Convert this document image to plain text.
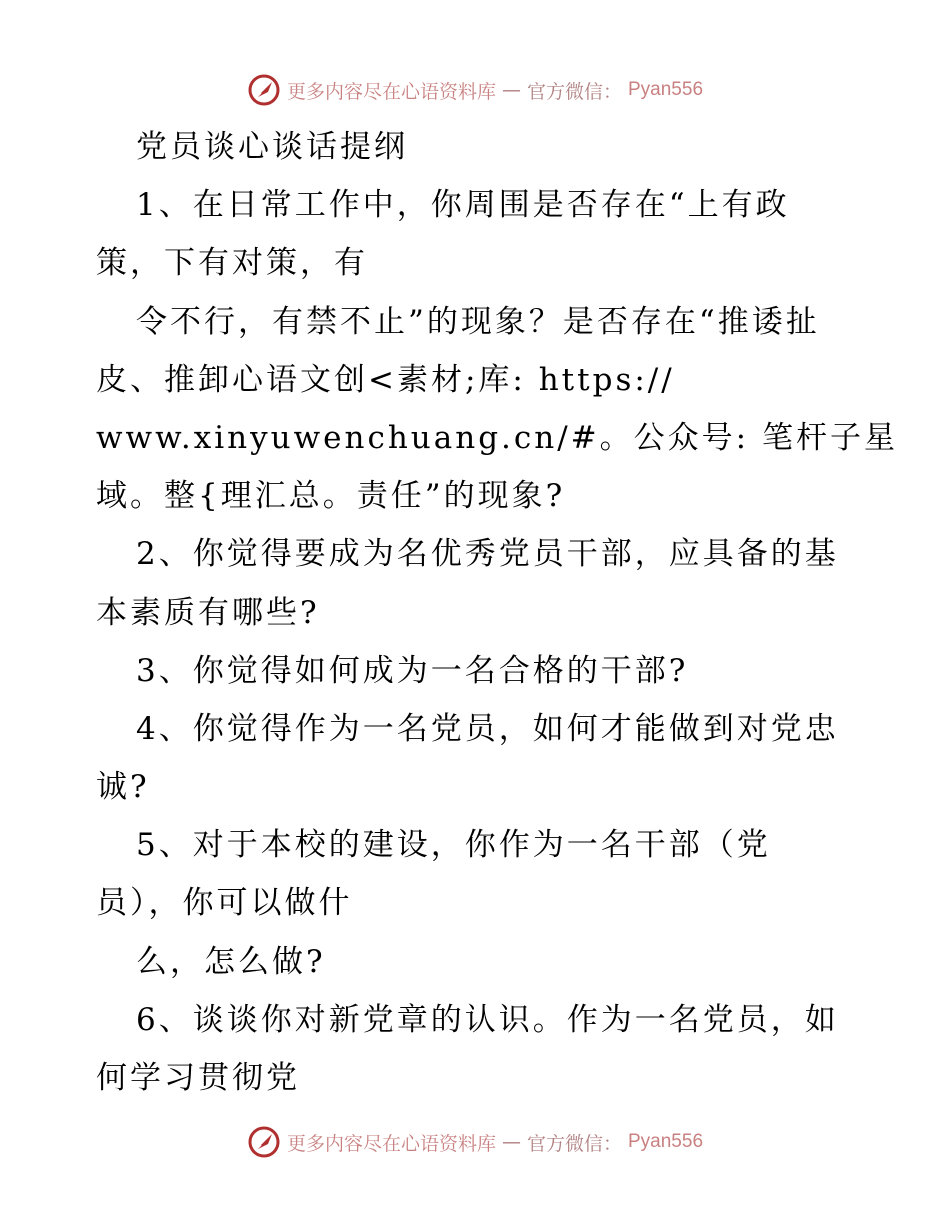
更多内容尽在心语资料库 — 官方微信： Pyan556
党员谈心谈话提纲
1、在日常工作中，你周围是否存在“上有政
策，下有对策，有
令不行，有禁不止”的现象？是否存在“推诿扯
皮、推卸心语文创<素材;库: https://
www.xinyuwenchuang.cn/#。公众号: 笔杆子星
域。整{理汇总。责任”的现象?
2、你觉得要成为名优秀党员干部，应具备的基
本素质有哪些?
3、你觉得如何成为一名合格的干部?
4、你觉得作为一名党员，如何才能做到对党忠
诚?
5、对于本校的建设，你作为一名干部（党
员），你可以做什
么，怎么做?
6、谈谈你对新党章的认识。作为一名党员，如
何学习贯彻党
更多内容尽在心语资料库 — 官方微信： Pyan556
